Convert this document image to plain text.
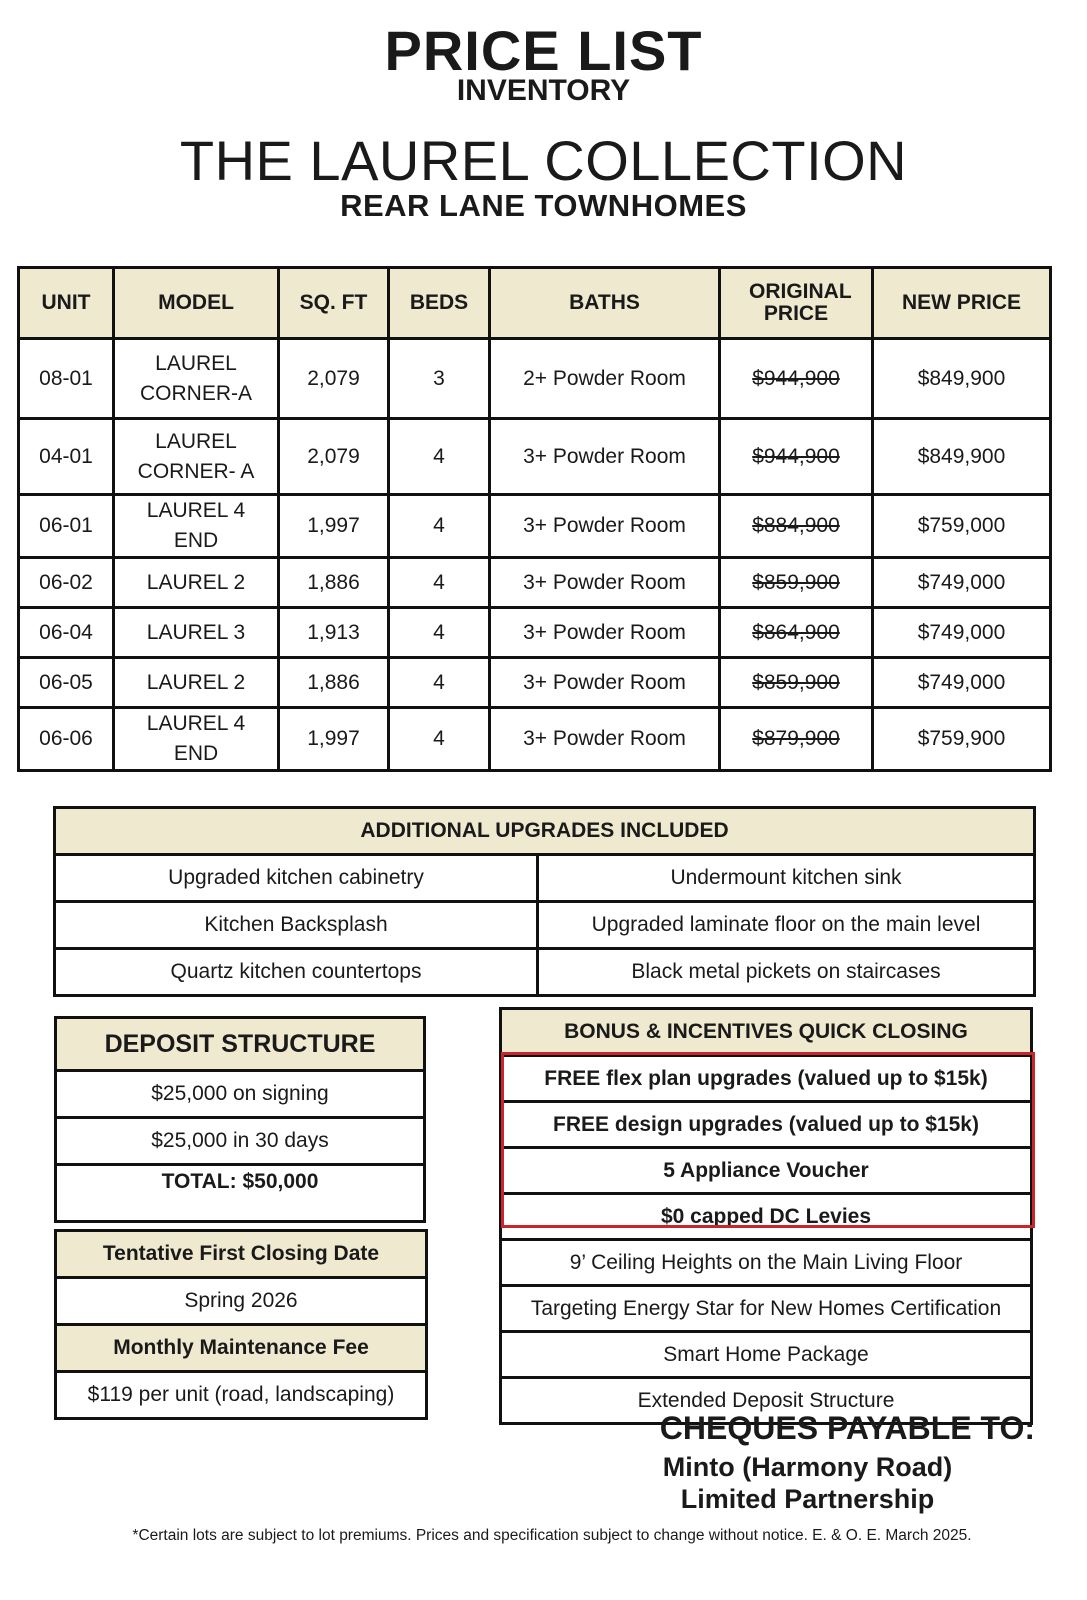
PRICE LIST
INVENTORY
THE LAUREL COLLECTION
REAR LANE TOWNHOMES
UNIT	MODEL	SQ. FT	BEDS	BATHS	ORIGINAL PRICE	NEW PRICE
08-01	LAUREL CORNER-A	2,079	3	2+ Powder Room	$944,900	$849,900
04-01	LAUREL CORNER- A	2,079	4	3+ Powder Room	$944,900	$849,900
06-01	LAUREL 4 END	1,997	4	3+ Powder Room	$884,900	$759,000
06-02	LAUREL 2	1,886	4	3+ Powder Room	$859,900	$749,000
06-04	LAUREL 3	1,913	4	3+ Powder Room	$864,900	$749,000
06-05	LAUREL 2	1,886	4	3+ Powder Room	$859,900	$749,000
06-06	LAUREL 4 END	1,997	4	3+ Powder Room	$879,900	$759,900
ADDITIONAL UPGRADES INCLUDED	
Upgraded kitchen cabinetry	Undermount kitchen sink
Kitchen Backsplash	Upgraded laminate floor on the main level
Quartz kitchen countertops	Black metal pickets on staircases
DEPOSIT STRUCTURE
$25,000 on signing
$25,000 in 30 days
TOTAL: $50,000
Tentative First Closing Date
Spring 2026
Monthly Maintenance Fee
$119 per unit (road, landscaping)
BONUS & INCENTIVES QUICK CLOSING
FREE flex plan upgrades (valued up to $15k)
FREE design upgrades (valued up to $15k)
5 Appliance Voucher
$0 capped DC Levies
9’ Ceiling Heights on the Main Living Floor
Targeting Energy Star for New Homes Certification
Smart Home Package
Extended Deposit Structure
CHEQUES PAYABLE TO:
Minto (Harmony Road)
Limited Partnership
*Certain lots are subject to lot premiums. Prices and specification subject to change without notice. E. & O. E. March 2025.
